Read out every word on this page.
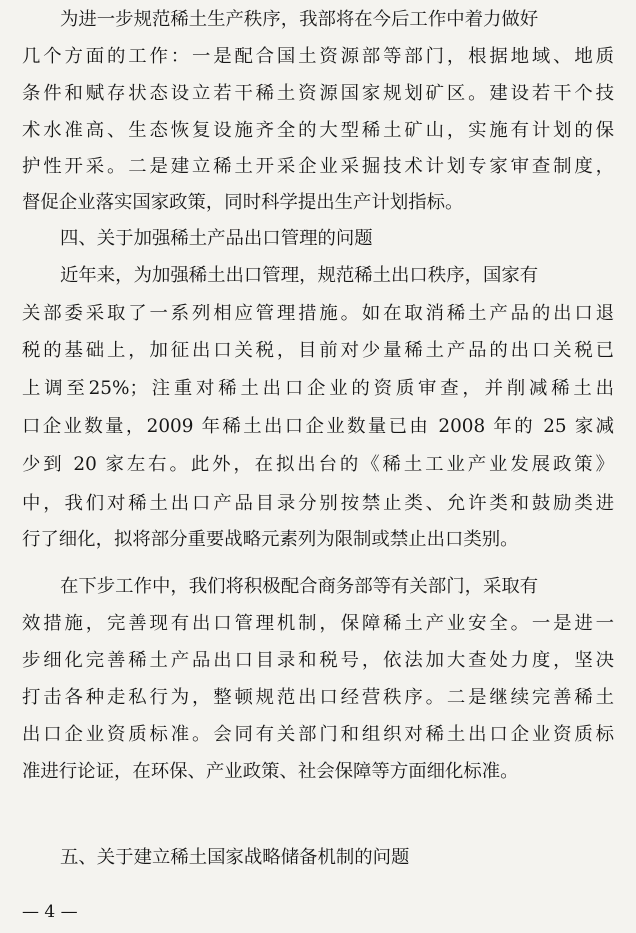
为进一步规范稀土生产秩序，我部将在今后工作中着力做好
几个方面的工作：一是配合国土资源部等部门，根据地域、地质
条件和赋存状态设立若干稀土资源国家规划矿区。建设若干个技
术水准高、生态恢复设施齐全的大型稀土矿山，实施有计划的保
护性开采。二是建立稀土开采企业采掘技术计划专家审查制度，
督促企业落实国家政策，同时科学提出生产计划指标。
四、关于加强稀土产品出口管理的问题
近年来，为加强稀土出口管理，规范稀土出口秩序，国家有
关部委采取了一系列相应管理措施。如在取消稀土产品的出口退
税的基础上，加征出口关税，目前对少量稀土产品的出口关税已
上调至25%；注重对稀土出口企业的资质审查，并削减稀土出
口企业数量，2009 年稀土出口企业数量已由 2008 年的 25 家减
少到 20 家左右。此外，在拟出台的《稀土工业产业发展政策》
中，我们对稀土出口产品目录分别按禁止类、允许类和鼓励类进
行了细化，拟将部分重要战略元素列为限制或禁止出口类别。
在下步工作中，我们将积极配合商务部等有关部门，采取有
效措施，完善现有出口管理机制，保障稀土产业安全。一是进一
步细化完善稀土产品出口目录和税号，依法加大查处力度，坚决
打击各种走私行为，整顿规范出口经营秩序。二是继续完善稀土
出口企业资质标准。会同有关部门和组织对稀土出口企业资质标
准进行论证，在环保、产业政策、社会保障等方面细化标准。
五、关于建立稀土国家战略储备机制的问题
— 4 —
